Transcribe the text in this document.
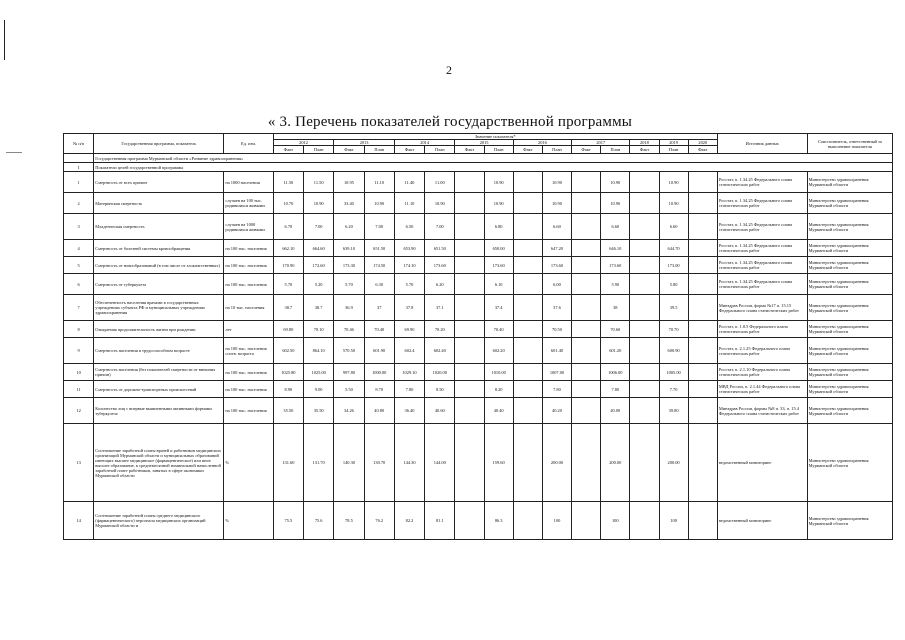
2
« 3. Перечень показателей государственной программы
№ п/п	Государственная программа, показатель	Ед. изм.	Значение показателя*															Источник данных	Соисполнитель, ответственный за выполнение показателя
			2012		2013		2014		2015		2016		2017		2018	2019	2020		
			Факт	План	Факт	План	Факт	План	Факт	План	Факт	План	Факт	План	Факт	План	Факт		
	Государственная программа Мурманской области «Развитие здравоохранения»																		
I	Показатели целей государственной программы																		
1	Смертность от всех причин	на 1000 населения	11.50	11.50	10.95	11.10	11.40	11.00		10.90		10.90		10.90		10.90		Росстат, п. 1.34.25 Федерального плана статистических работ	Министерство здравоохранения Мурманской области
2	Материнская смертность	случаев на 100 тыс. родившихся живыми	10.70	10.90	33.40	10.90	11.10	10.90		10.90		10.90		10.90		10.90		Росстат, п. 1.34.25 Федерального плана статистических работ	Министерство здравоохранения Мурманской области
3	Младенческая смертность	случаев на 1000 родившихся живыми	6.70	7.00	6.20	7.00	6.50	7.00		6.80		6.60		6.60		6.60		Росстат, п. 1.34.25 Федерального плана статистических работ	Министерство здравоохранения Мурманской области
4	Смертность от болезней системы кровообращения	на 100 тыс. населения	662.10	664.60	639.10	651.50	653.90	651.50		650.00		647.20		646.10		644.70		Росстат, п. 1.34.25 Федерального плана статистических работ	Министерство здравоохранения Мурманской области
5	Смертность от новообразований (в том числе от злокачественных)	на 100 тыс. населения	170.90	172.60	173.30	174.50	174.10	173.60		173.60		173.60		173.60		173.00		Росстат, п. 1.34.25 Федерального плана статистических работ	Министерство здравоохранения Мурманской области
6	Смертность от туберкулеза	на 100 тыс. населения	5.70	5.20	5.70	6.30	5.70	6.20		6.10		6.00		5.90		5.80		Росстат, п. 1.34.25 Федерального плана статистических работ	Министерство здравоохранения Мурманской области
7	Обеспеченность населения врачами в государственных учреждениях субъекта РФ и муниципальных учреждениях здравоохранения	на 10 тыс. населения	38.7	38.7	36.9	37	37.8	37.1		37.4		37.6		38		39.5		Минздрав России, форма №17 п. 15.15 Федерального плана статистических работ	Министерство здравоохранения Мурманской области
8	Ожидаемая продолжительность жизни при рождении	лет	69.80	70.10	70.46	70.40	69.90	70.20		70.40		70.50		70.60		70.70		Росстат, п. 1.8.5 Федерального плана статистических работ	Министерство здравоохранения Мурманской области
9	Смертность населения в трудоспособном возрасте	на 100 тыс. населения соотв. возраста	602.50	864.10	570.50	601.90	602.4	602.40		602.20		601.40		601.20		600.90		Росстат, п. 2.1.25 Федерального плана статистических работ	Министерство здравоохранения Мурманской области
10	Смертность населения (без показателей смертности от внешних причин)	на 100 тыс. населения	1025.80	1025.00	997.80	1000.00	1029.10	1020.00		1010.00		1007.00		1006.00		1005.00		Росстат, п. 2.1.10 Федерального плана статистических работ	Министерство здравоохранения Мурманской области
11	Смертность от дорожно-транспортных происшествий	на 100 тыс. населения	8.90	9.00	5.50	8.70	7.80	8.50		8.20		7.80		7.80		7.70		МВД России, п. 2.1.44 Федерального плана статистических работ	Министерство здравоохранения Мурманской области
12	Количество лиц с впервые выявленными активными формами туберкулеза	на 100 тыс. населения	35.50	35.50	34.26	40.80	36.40	40.60		40.40		40.20		40.00		39.80		Минздрав России, формы №8 п. 33, п. 15.4 Федерального плана статистических работ	Министерство здравоохранения Мурманской области
13	Соотношение заработной платы врачей и работников медицинских организаций Мурманской области и муниципальных образований имеющих высшее медицинское (фармацевтическое) или иное высшее образование, к среднемесячной номинальной начисленной заработной плате работников, занятых в сфере экономики Мурманской области	%	131.60	131.70	140.30	130.70	144.30	144.00		159.60		200.00		200.00		200.00		ведомственный мониторинг	Министерство здравоохранения Мурманской области
14	Соотношение заработной платы среднего медицинского (фармацевтического) персонала медицинских организаций Мурманской области и	%	75.5	75.6	78.5	76.2	82.2	81.1		86.3		100		100		100		ведомственный мониторинг	Министерство здравоохранения Мурманской области
